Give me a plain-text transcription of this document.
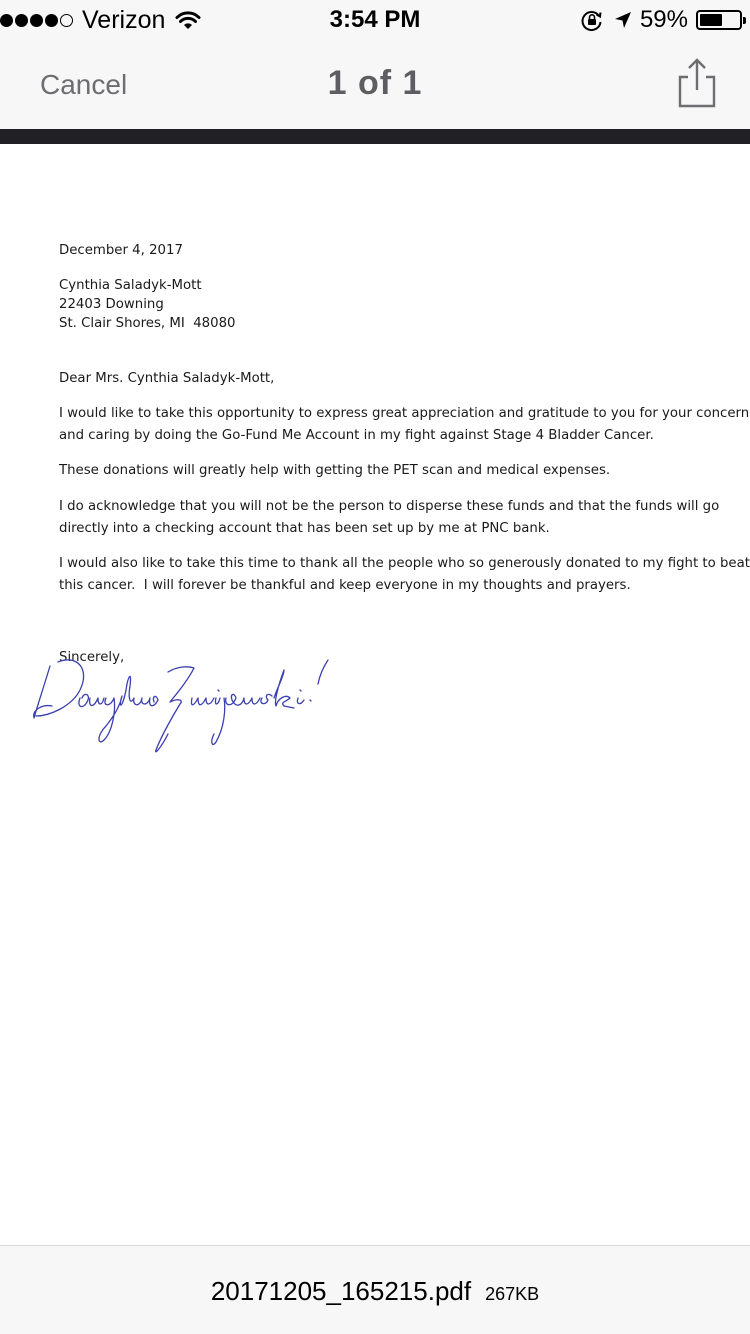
Verizon	3:54 PM	59%
Cancel	1 of 1
December 4, 2017
Cynthia Saladyk-Mott
22403 Downing
St. Clair Shores, MI  48080
Dear Mrs. Cynthia Saladyk-Mott,
I would like to take this opportunity to express great appreciation and gratitude to you for your concern
and caring by doing the Go-Fund Me Account in my fight against Stage 4 Bladder Cancer.
These donations will greatly help with getting the PET scan and medical expenses.
I do acknowledge that you will not be the person to disperse these funds and that the funds will go
directly into a checking account that has been set up by me at PNC bank.
I would also like to take this time to thank all the people who so generously donated to my fight to beat
this cancer.  I will forever be thankful and keep everyone in my thoughts and prayers.
Sincerely,
20171205_165215.pdf 267KB
